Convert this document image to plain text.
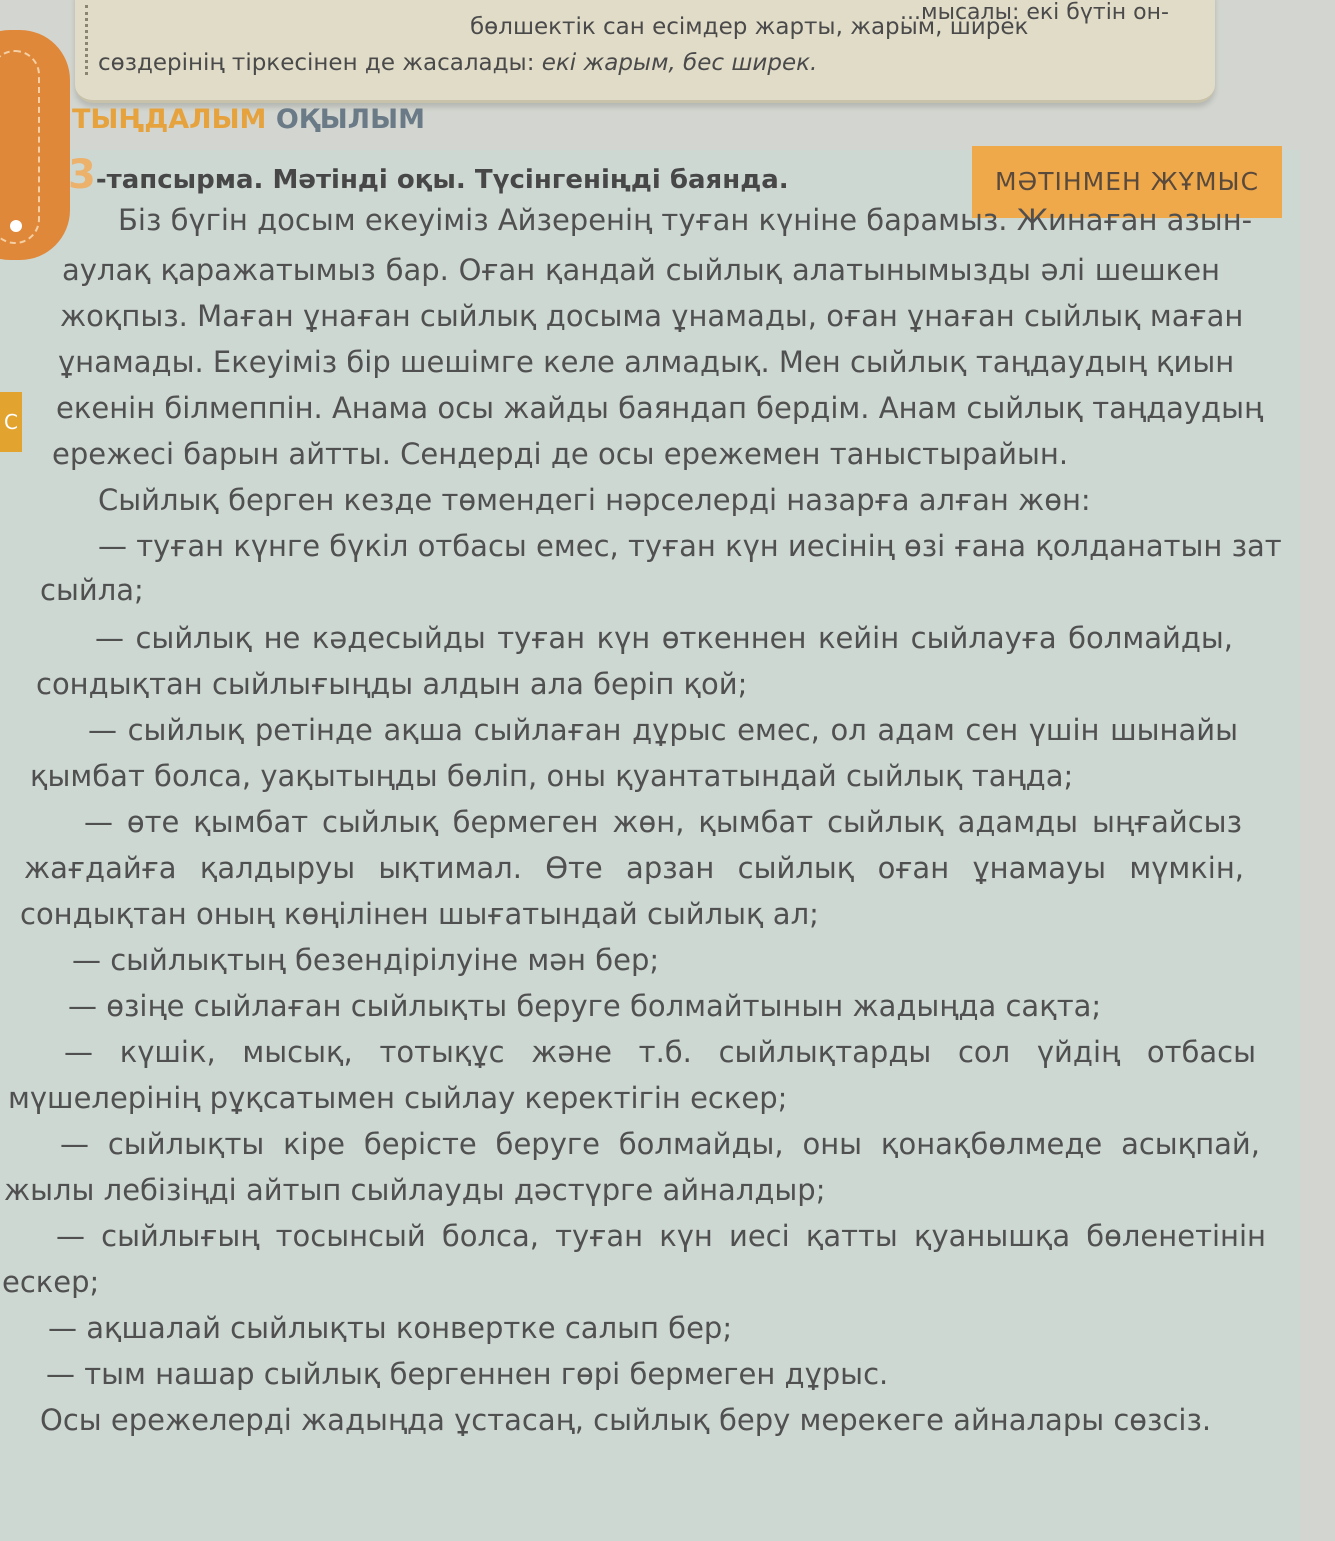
С
...мысалы: екі бүтін он-
бөлшектік сан есімдер жарты, жарым, ширек
сөздерінің тіркесінен де жасалады: екі жарым, бес ширек.
ТЫҢДАЛЫМ ОҚЫЛЫМ
МӘТІНМЕН ЖҰМЫС
3-тапсырма. Мәтінді оқы. Түсінгеніңді баянда.
Біз бүгін досым екеуіміз Айзеренің туған күніне барамыз. Жинаған азын-
аулақ қаражатымыз бар. Оған қандай сыйлық алатынымызды әлі шешкен
жоқпыз. Маған ұнаған сыйлық досыма ұнамады, оған ұнаған сыйлық маған
ұнамады. Екеуіміз бір шешімге келе алмадық. Мен сыйлық таңдаудың қиын
екенін білмеппін. Анама осы жайды баяндап бердім. Анам сыйлық таңдаудың
ережесі барын айтты. Сендерді де осы ережемен таныстырайын.
Сыйлық берген кезде төмендегі нәрселерді назарға алған жөн:
— туған күнге бүкіл отбасы емес, туған күн иесінің өзі ғана қолданатын зат
сыйла;
— сыйлық не кәдесыйды туған күн өткеннен кейін сыйлауға болмайды,
сондықтан сыйлығыңды алдын ала беріп қой;
— сыйлық ретінде ақша сыйлаған дұрыс емес, ол адам сен үшін шынайы
қымбат болса, уақытыңды бөліп, оны қуантатындай сыйлық таңда;
— өте қымбат сыйлық бермеген жөн, қымбат сыйлық адамды ыңғайсыз
жағдайға қалдыруы ықтимал. Өте арзан сыйлық оған ұнамауы мүмкін,
сондықтан оның көңілінен шығатындай сыйлық ал;
— сыйлықтың безендірілуіне мән бер;
— өзіңе сыйлаған сыйлықты беруге болмайтынын жадыңда сақта;
— күшік, мысық, тотықұс және т.б. сыйлықтарды сол үйдің отбасы
мүшелерінің рұқсатымен сыйлау керектігін ескер;
— сыйлықты кіре берісте беруге болмайды, оны қонақбөлмеде асықпай,
жылы лебізіңді айтып сыйлауды дәстүрге айналдыр;
— сыйлығың тосынсый болса, туған күн иесі қатты қуанышқа бөленетінін
ескер;
— ақшалай сыйлықты конвертке салып бер;
— тым нашар сыйлық бергеннен гөрі бермеген дұрыс.
Осы ережелерді жадыңда ұстасаң, сыйлық беру мерекеге айналары сөзсіз.
